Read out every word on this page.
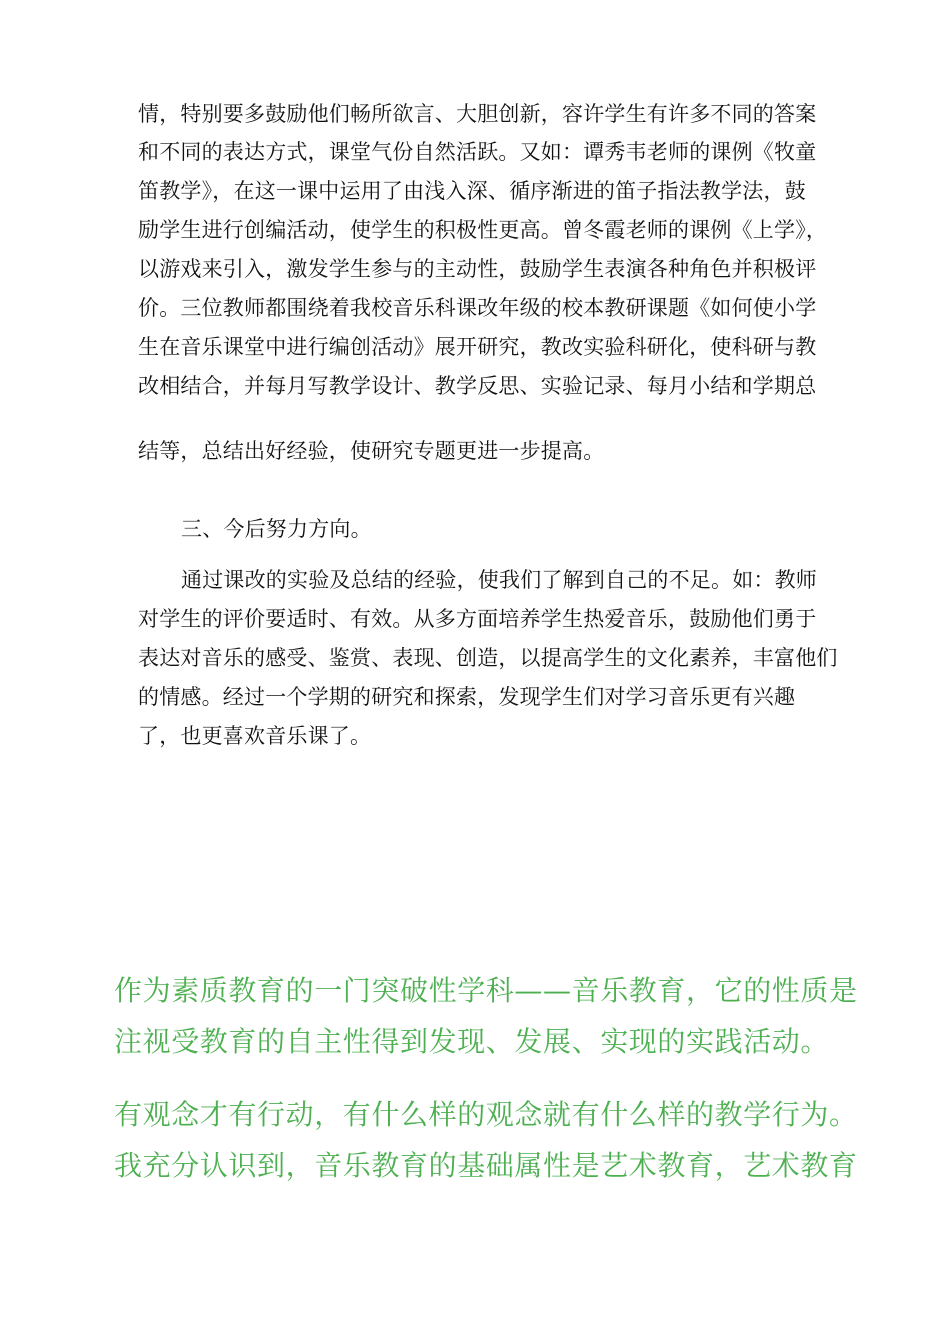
情，特别要多鼓励他们畅所欲言、大胆创新，容许学生有许多不同的答案
和不同的表达方式，课堂气份自然活跃。又如：谭秀韦老师的课例《牧童
笛教学》，在这一课中运用了由浅入深、循序渐进的笛子指法教学法，鼓
励学生进行创编活动，使学生的积极性更高。曾冬霞老师的课例《上学》，
以游戏来引入，激发学生参与的主动性，鼓励学生表演各种角色并积极评
价。三位教师都围绕着我校音乐科课改年级的校本教研课题《如何使小学
生在音乐课堂中进行编创活动》展开研究，教改实验科研化，使科研与教
改相结合，并每月写教学设计、教学反思、实验记录、每月小结和学期总
结等，总结出好经验，使研究专题更进一步提高。
三、今后努力方向。
通过课改的实验及总结的经验，使我们了解到自己的不足。如：教师
对学生的评价要适时、有效。从多方面培养学生热爱音乐，鼓励他们勇于
表达对音乐的感受、鉴赏、表现、创造，以提高学生的文化素养，丰富他们
的情感。经过一个学期的研究和探索，发现学生们对学习音乐更有兴趣
了，也更喜欢音乐课了。
作为素质教育的一门突破性学科——音乐教育，它的性质是
注视受教育的自主性得到发现、发展、实现的实践活动。
有观念才有行动，有什么样的观念就有什么样的教学行为。
我充分认识到，音乐教育的基础属性是艺术教育，艺术教育
